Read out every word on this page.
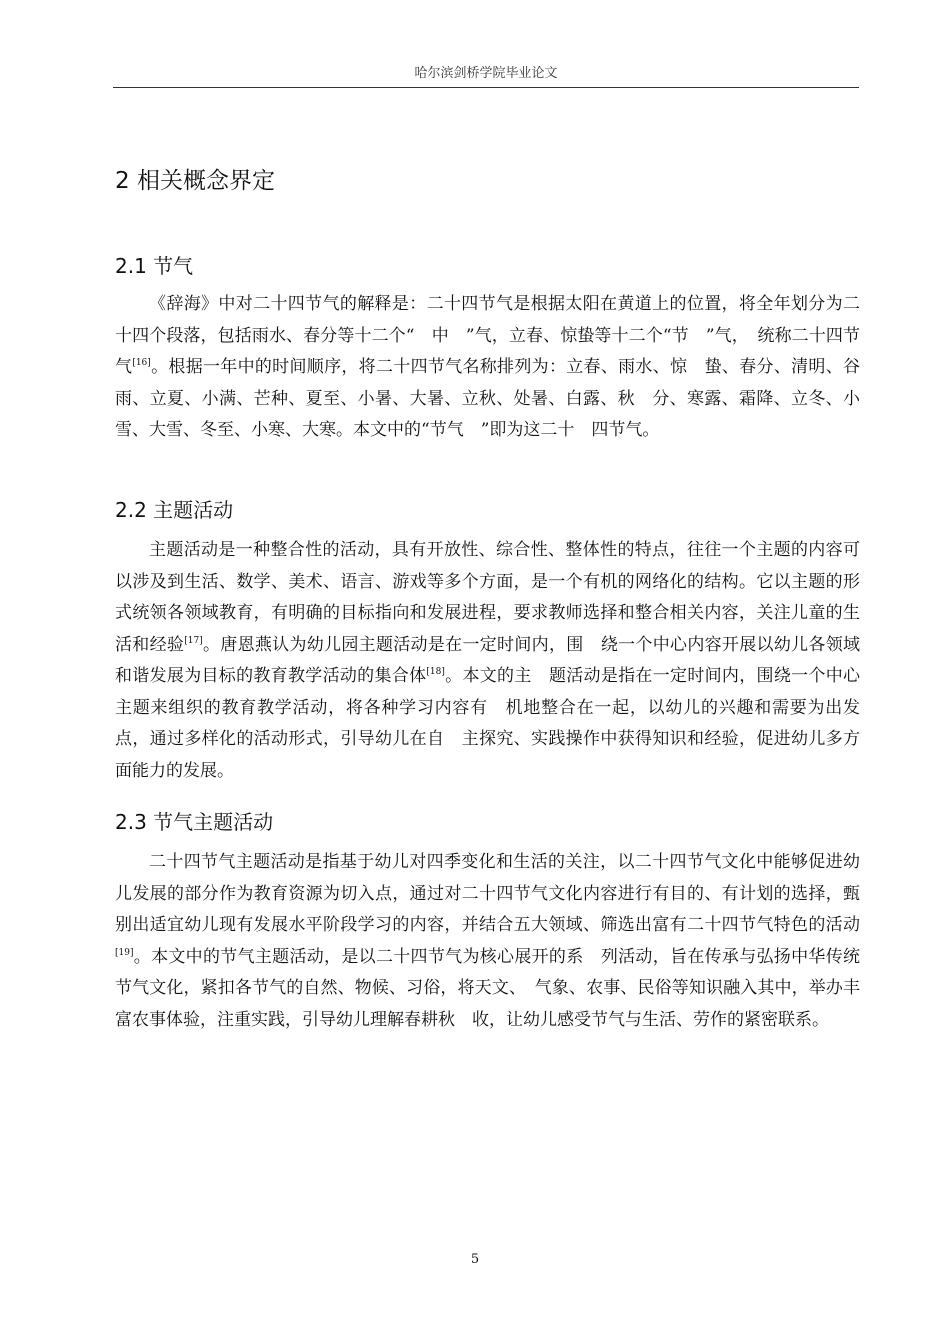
哈尔滨剑桥学院毕业论文
2 相关概念界定
2.1 节气

《辞海》中对二十四节气的解释是：二十四节气是根据太阳在黄道上的位置，将全年划分为二十四个段落，包括雨水、春分等十二个“　中　”气，立春、惊蛰等十二个“节　”气，　统称二十四节气[16]。根据一年中的时间顺序，将二十四节气名称排列为：立春、雨水、惊　蛰、春分、清明、谷雨、立夏、小满、芒种、夏至、小暑、大暑、立秋、处暑、白露、秋　分、寒露、霜降、立冬、小雪、大雪、冬至、小寒、大寒。本文中的“节气　”即为这二十　四节气。

2.2 主题活动

主题活动是一种整合性的活动，具有开放性、综合性、整体性的特点，往往一个主题的内容可以涉及到生活、数学、美术、语言、游戏等多个方面，是一个有机的网络化的结构。它以主题的形式统领各领域教育，有明确的目标指向和发展进程，要求教师选择和整合相关内容，关注儿童的生活和经验[17]。唐恩燕认为幼儿园主题活动是在一定时间内，围　绕一个中心内容开展以幼儿各领域和谐发展为目标的教育教学活动的集合体[18]。本文的主　题活动是指在一定时间内，围绕一个中心主题来组织的教育教学活动，将各种学习内容有　机地整合在一起，以幼儿的兴趣和需要为出发点，通过多样化的活动形式，引导幼儿在自　主探究、实践操作中获得知识和经验，促进幼儿多方面能力的发展。

2.3 节气主题活动

二十四节气主题活动是指基于幼儿对四季变化和生活的关注，以二十四节气文化中能够促进幼儿发展的部分作为教育资源为切入点，通过对二十四节气文化内容进行有目的、有计划的选择，甄别出适宜幼儿现有发展水平阶段学习的内容，并结合五大领域、筛选出富有二十四节气特色的活动[19]。本文中的节气主题活动，是以二十四节气为核心展开的系　列活动，旨在传承与弘扬中华传统节气文化，紧扣各节气的自然、物候、习俗，将天文、　气象、农事、民俗等知识融入其中，举办丰富农事体验，注重实践，引导幼儿理解春耕秋　收，让幼儿感受节气与生活、劳作的紧密联系。

5
